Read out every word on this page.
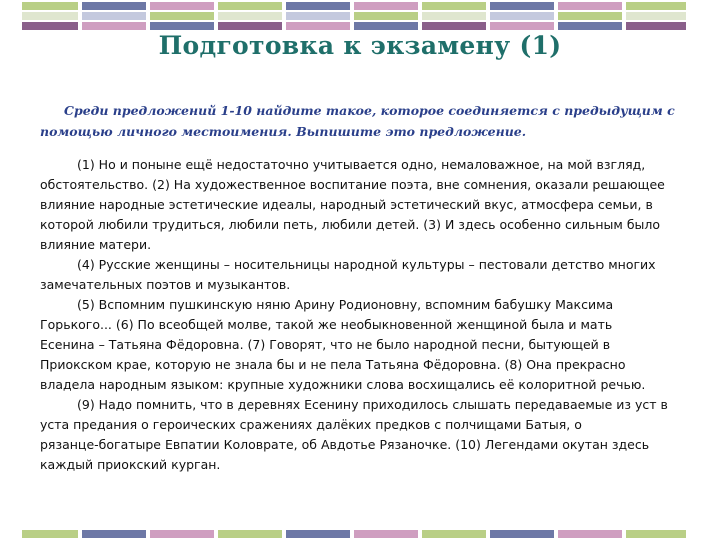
Подготовка к экзамену (1)
Среди предложений 1-10 найдите такое, которое соединяется с предыдущим с
помощью личного местоимения. Выпишите это предложение.
(1) Но и поныне ещё недостаточно учитывается одно, немаловажное, на мой взгляд,
обстоятельство. (2) На художественное воспитание поэта, вне сомнения, оказали решающее
влияние народные эстетические идеалы, народный эстетический вкус, атмосфера семьи, в
которой любили трудиться, любили петь, любили детей. (3) И здесь особенно сильным было
влияние матери.
(4) Русские женщины – носительницы народной культуры – пестовали детство многих
замечательных поэтов и музыкантов.
(5) Вспомним пушкинскую няню Арину Родионовну, вспомним бабушку Максима
Горького... (6) По всеобщей молве, такой же необыкновенной женщиной была и мать
Есенина – Татьяна Фёдоровна. (7) Говорят, что не было народной песни, бытующей в
Приокском крае, которую не знала бы и не пела Татьяна Фёдоровна. (8) Она прекрасно
владела народным языком: крупные художники слова восхищались её колоритной речью.
(9) Надо помнить, что в деревнях Есенину приходилось слышать передаваемые из уст в
уста предания о героических сражениях далёких предков с полчищами Батыя, о
рязанце-богатыре Евпатии Коловрате, об Авдотье Рязаночке. (10) Легендами окутан здесь
каждый приокский курган.
